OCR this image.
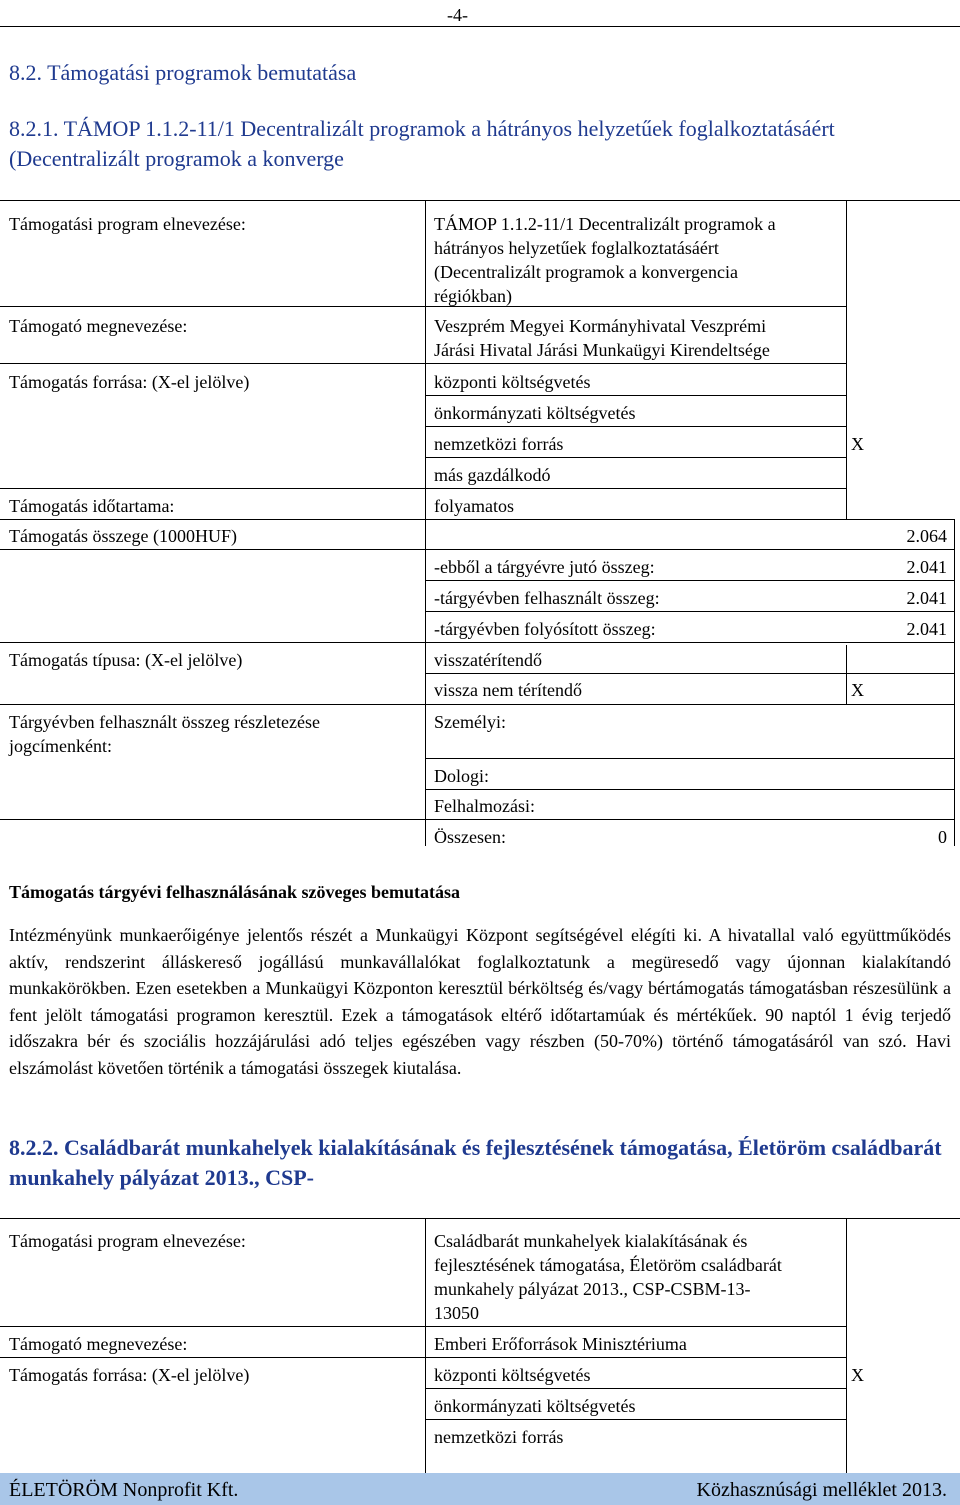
-4-
8.2. Támogatási programok bemutatása
8.2.1. TÁMOP 1.1.2-11/1 Decentralizált programok a hátrányos helyzetűek foglalkoztatásáért (Decentralizált programok a konverge
Támogatási program elnevezése:	TÁMOP 1.1.2-11/1 Decentralizált programok a
hátrányos helyzetűek foglalkoztatásáért
(Decentralizált programok a konvergencia
régiókban)
Támogató megnevezése:	Veszprém Megyei Kormányhivatal Veszprémi
Járási Hivatal Járási Munkaügyi Kirendeltsége
Támogatás forrása: (X-el jelölve)	központi költségvetés
önkormányzati költségvetés
nemzetközi forrás	X
más gazdálkodó
Támogatás időtartama:	folyamatos
Támogatás összege (1000HUF)	2.064
-ebből a tárgyévre jutó összeg:	2.041
-tárgyévben felhasznált összeg:	2.041
-tárgyévben folyósított összeg:	2.041
Támogatás típusa: (X-el jelölve)	visszatérítendő
vissza nem térítendő	X
Tárgyévben felhasznált összeg részletezése
jogcímenként:
Személyi:
Dologi:
Felhalmozási:
Összesen:	0
Támogatás tárgyévi felhasználásának szöveges bemutatása
Intézményünk munkaerőigénye jelentős részét a Munkaügyi Központ segítségével elégíti ki. A hivatallal való együttműködés aktív, rendszerint álláskereső jogállású munkavállalókat foglalkoztatunk a megüresedő vagy újonnan kialakítandó munkakörökben. Ezen esetekben a Munkaügyi Központon keresztül bérköltség és/vagy bértámogatás támogatásban részesülünk a fent jelölt támogatási programon keresztül. Ezek a támogatások eltérő időtartamúak és mértékűek. 90 naptól 1 évig terjedő időszakra bér és szociális hozzájárulási adó teljes egészében vagy részben (50-70%) történő támogatásáról van szó. Havi elszámolást követően történik a támogatási összegek kiutalása.
8.2.2. Családbarát munkahelyek kialakításának és fejlesztésének támogatása, Életöröm családbarát munkahely pályázat 2013., CSP-
Támogatási program elnevezése:	Családbarát munkahelyek kialakításának és
fejlesztésének támogatása, Életöröm családbarát
munkahely pályázat 2013., CSP-CSBM-13-
13050
Támogató megnevezése:	Emberi Erőforrások Minisztériuma
Támogatás forrása: (X-el jelölve)	központi költségvetés	X
önkormányzati költségvetés
nemzetközi forrás
ÉLETÖRÖM Nonprofit Kft.	Közhasznúsági melléklet 2013.
